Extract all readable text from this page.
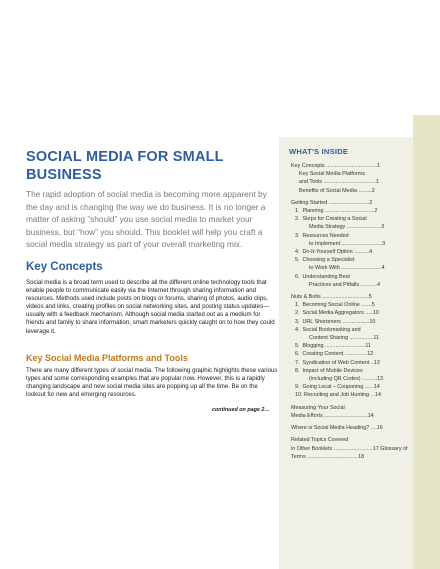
WHAT'S INSIDE
Key Concepts ..................................1
Key Social Media Platforms
and Tools ...................................1
Benefits of Social Media .........2
Getting Started ...........................2
1.  Planning .................................2
2.  Steps for Creating a Social
Media Strategy .......................3
3.  Resources Needed
to Implement ...........................3
4.  Do-It-Yourself Option ..........4
5.  Choosing a Specialist
to Work With ...........................4
6.  Understanding Best
Practices and Pitfalls ...........4
Nuts & Bolts ...............................5
1.  Becoming Social Online .......5
2.  Social Media Aggregators .....10
3.  URL Shorteners ..................10
4.  Social Bookmarking and
Content Sharing ................11
5.  Blogging ...........................11
6.  Creating Content ...............12
7.  Syndication of Web Content ..13
8.  Impact of Mobile Devices
(including QR Codes) ..........13
9.  Going Local – Couponing ......14
10. Recruiting and Job Hunting ...14
Measuring Your Social
Media Efforts .............................14
Where is Social Media Heading? ....16
Related Topics Covered
in Other Booklets ..........................17 Glossary of
Terms ..................................18
SOCIAL MEDIA FOR SMALL BUSINESS

The rapid adoption of social media is becoming more apparent by the day and is changing the way we do business. It is no longer a matter of asking “should” you use social media to market your business, but “how” you should. This booklet will help you craft a social media strategy as part of your overall marketing mix.

Key Concepts

Social media is a broad term used to describe all the different online technology tools that enable people to communicate easily via the Internet through sharing information and resources. Methods used include posts on blogs or forums, sharing of photos, audio clips, videos and links, creating profiles on social networking sites, and posting status updates—usually with a feedback mechanism. Although social media started out as a medium for friends and family to share information, smart marketers quickly caught on to how they could leverage it.

Key Social Media Platforms and Tools

There are many different types of social media. The following graphic highlights these various types and some corresponding examples that are popular now. However, this is a rapidly changing landscape and new social media sites are popping up all the time. Be on the lookout for new and emerging resources.

continued on page 2…
